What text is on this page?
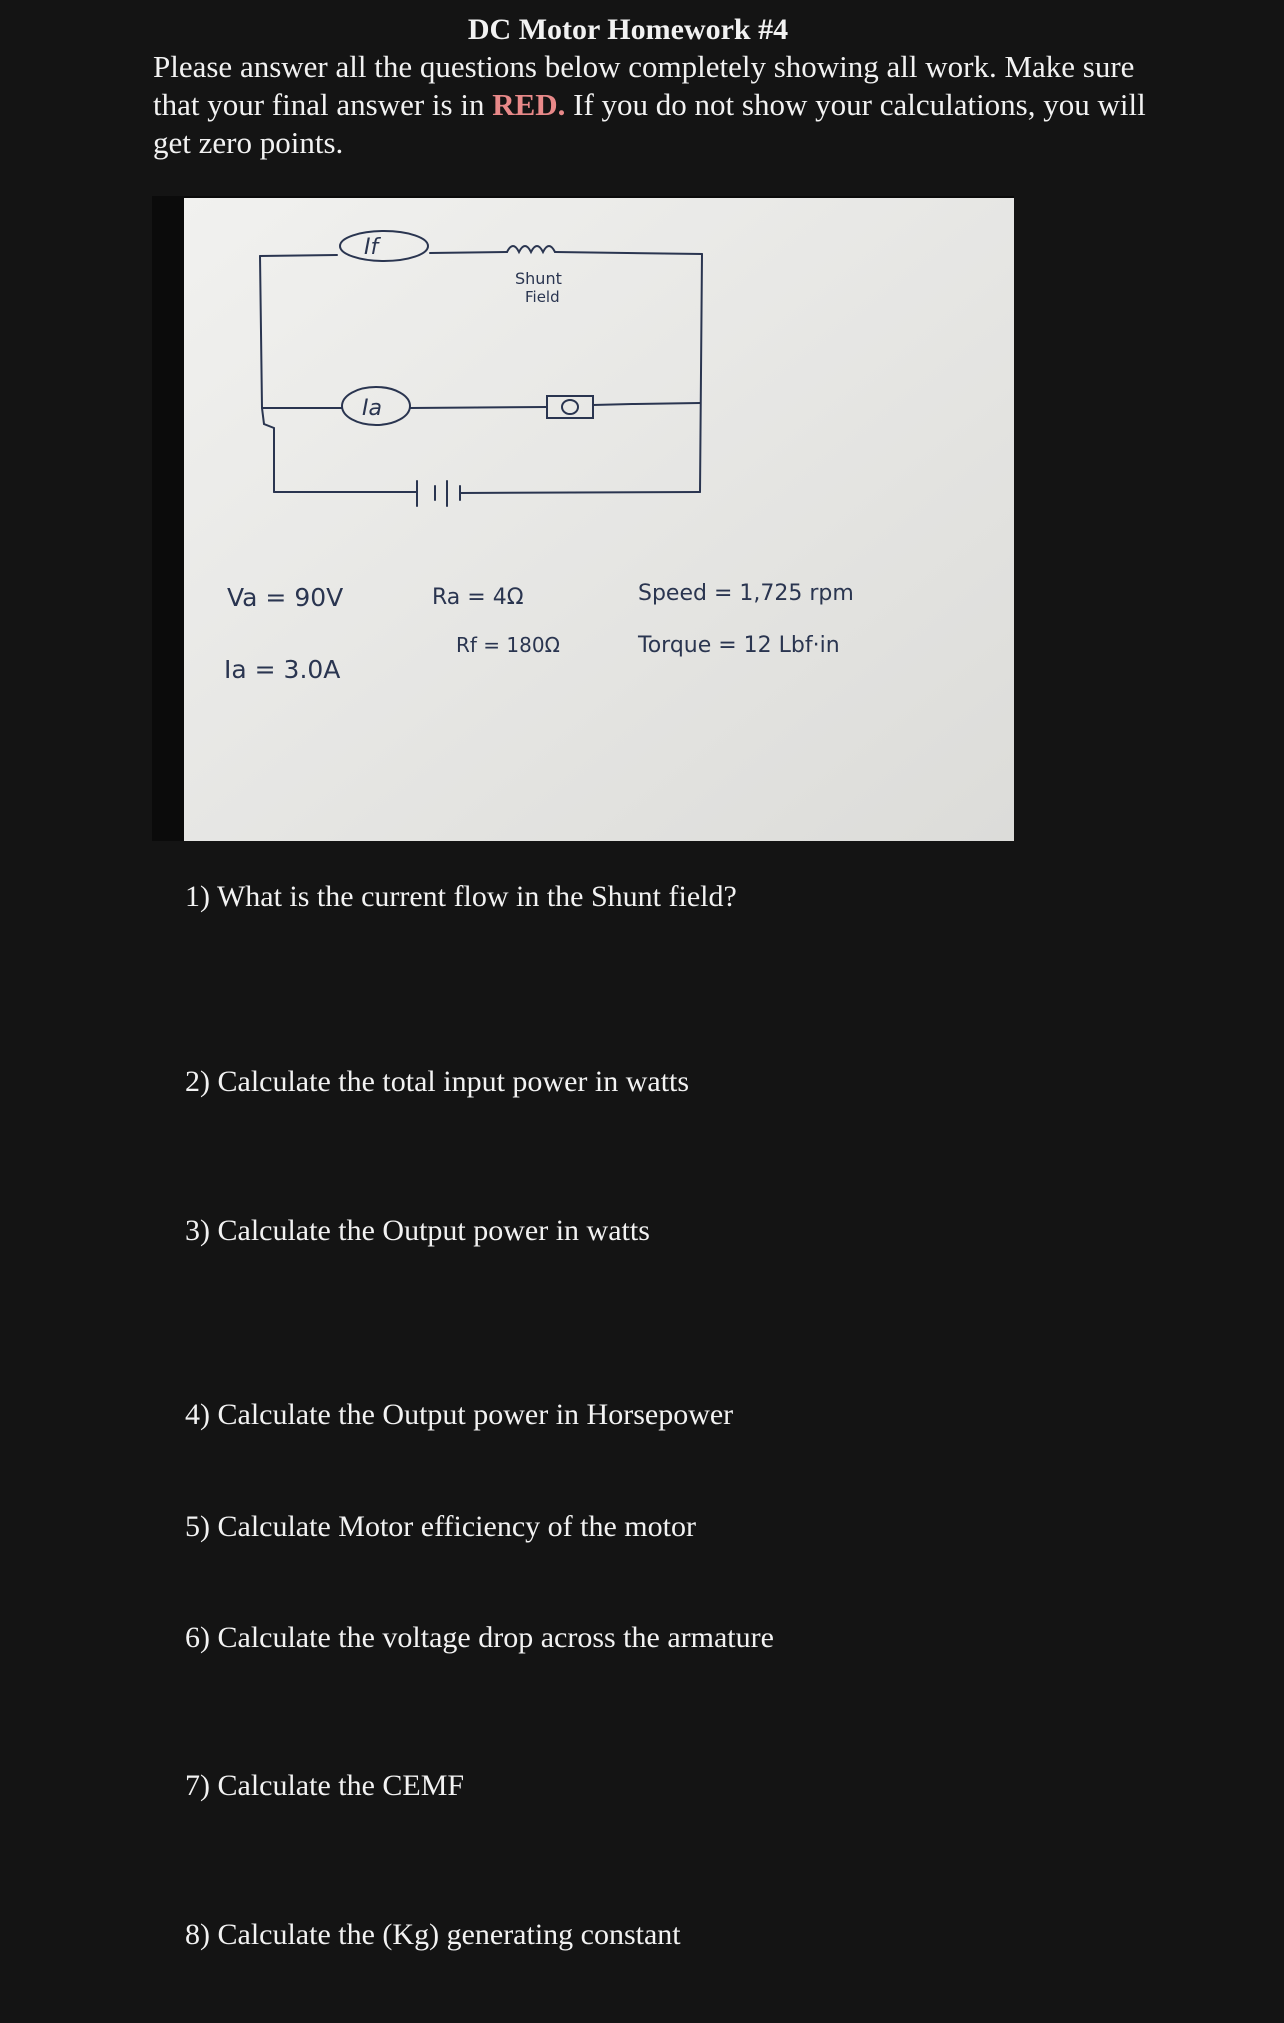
DC Motor Homework #4
Please answer all the questions below completely showing all work. Make sure that your final answer is in RED. If you do not show your calculations, you will get zero points.
If
Ia
Shunt
Field
Va = 90V
Ia = 3.0A
Ra = 4Ω
Rf = 180Ω
Speed = 1,725 rpm
Torque = 12 Lbf·in
1) What is the current flow in the Shunt field?
2) Calculate the total input power in watts
3) Calculate the Output power in watts
4) Calculate the Output power in Horsepower
5) Calculate Motor efficiency of the motor
6) Calculate the voltage drop across the armature
7) Calculate the CEMF
8) Calculate the (Kg) generating constant
